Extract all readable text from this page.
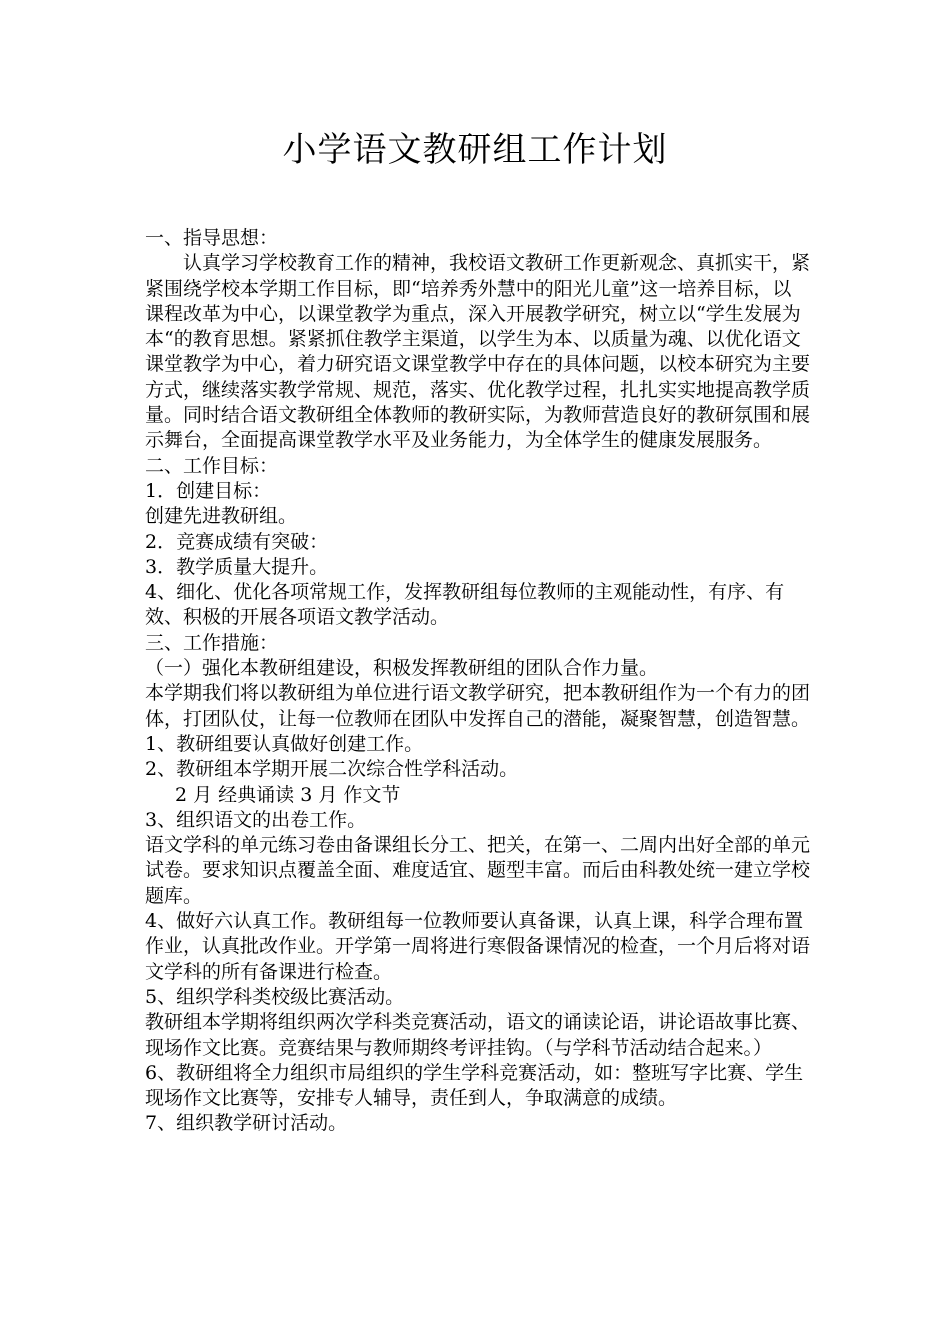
小学语文教研组工作计划

一、指导思想：

认真学习学校教育工作的精神，我校语文教研工作更新观念、真抓实干，紧紧围绕学校本学期工作目标，即“培养秀外慧中的阳光儿童”这一培养目标，以课程改革为中心，以课堂教学为重点，深入开展教学研究，树立以“学生发展为本“的教育思想。紧紧抓住教学主渠道，以学生为本、以质量为魂、以优化语文课堂教学为中心，着力研究语文课堂教学中存在的具体问题，以校本研究为主要方式，继续落实教学常规、规范，落实、优化教学过程，扎扎实实地提高教学质量。同时结合语文教研组全体教师的教研实际，为教师营造良好的教研氛围和展示舞台，全面提高课堂教学水平及业务能力，为全体学生的健康发展服务。

二、工作目标：

1．创建目标：

创建先进教研组。

2．竞赛成绩有突破：

3．教学质量大提升。

4、细化、优化各项常规工作，发挥教研组每位教师的主观能动性，有序、有效、积极的开展各项语文教学活动。

三、工作措施：

（一）强化本教研组建设，积极发挥教研组的团队合作力量。

本学期我们将以教研组为单位进行语文教学研究，把本教研组作为一个有力的团体，打团队仗，让每一位教师在团队中发挥自己的潜能，凝聚智慧，创造智慧。

1、教研组要认真做好创建工作。

2、教研组本学期开展二次综合性学科活动。

2 月 经典诵读 3 月 作文节

3、组织语文的出卷工作。

语文学科的单元练习卷由备课组长分工、把关，在第一、二周内出好全部的单元试卷。要求知识点覆盖全面、难度适宜、题型丰富。而后由科教处统一建立学校题库。

4、做好六认真工作。教研组每一位教师要认真备课，认真上课，科学合理布置作业，认真批改作业。开学第一周将进行寒假备课情况的检查，一个月后将对语文学科的所有备课进行检查。

5、组织学科类校级比赛活动。

教研组本学期将组织两次学科类竞赛活动，语文的诵读论语，讲论语故事比赛、现场作文比赛。竞赛结果与教师期终考评挂钩。（与学科节活动结合起来。）

6、教研组将全力组织市局组织的学生学科竞赛活动，如：整班写字比赛、学生现场作文比赛等，安排专人辅导，责任到人，争取满意的成绩。

7、组织教学研讨活动。
